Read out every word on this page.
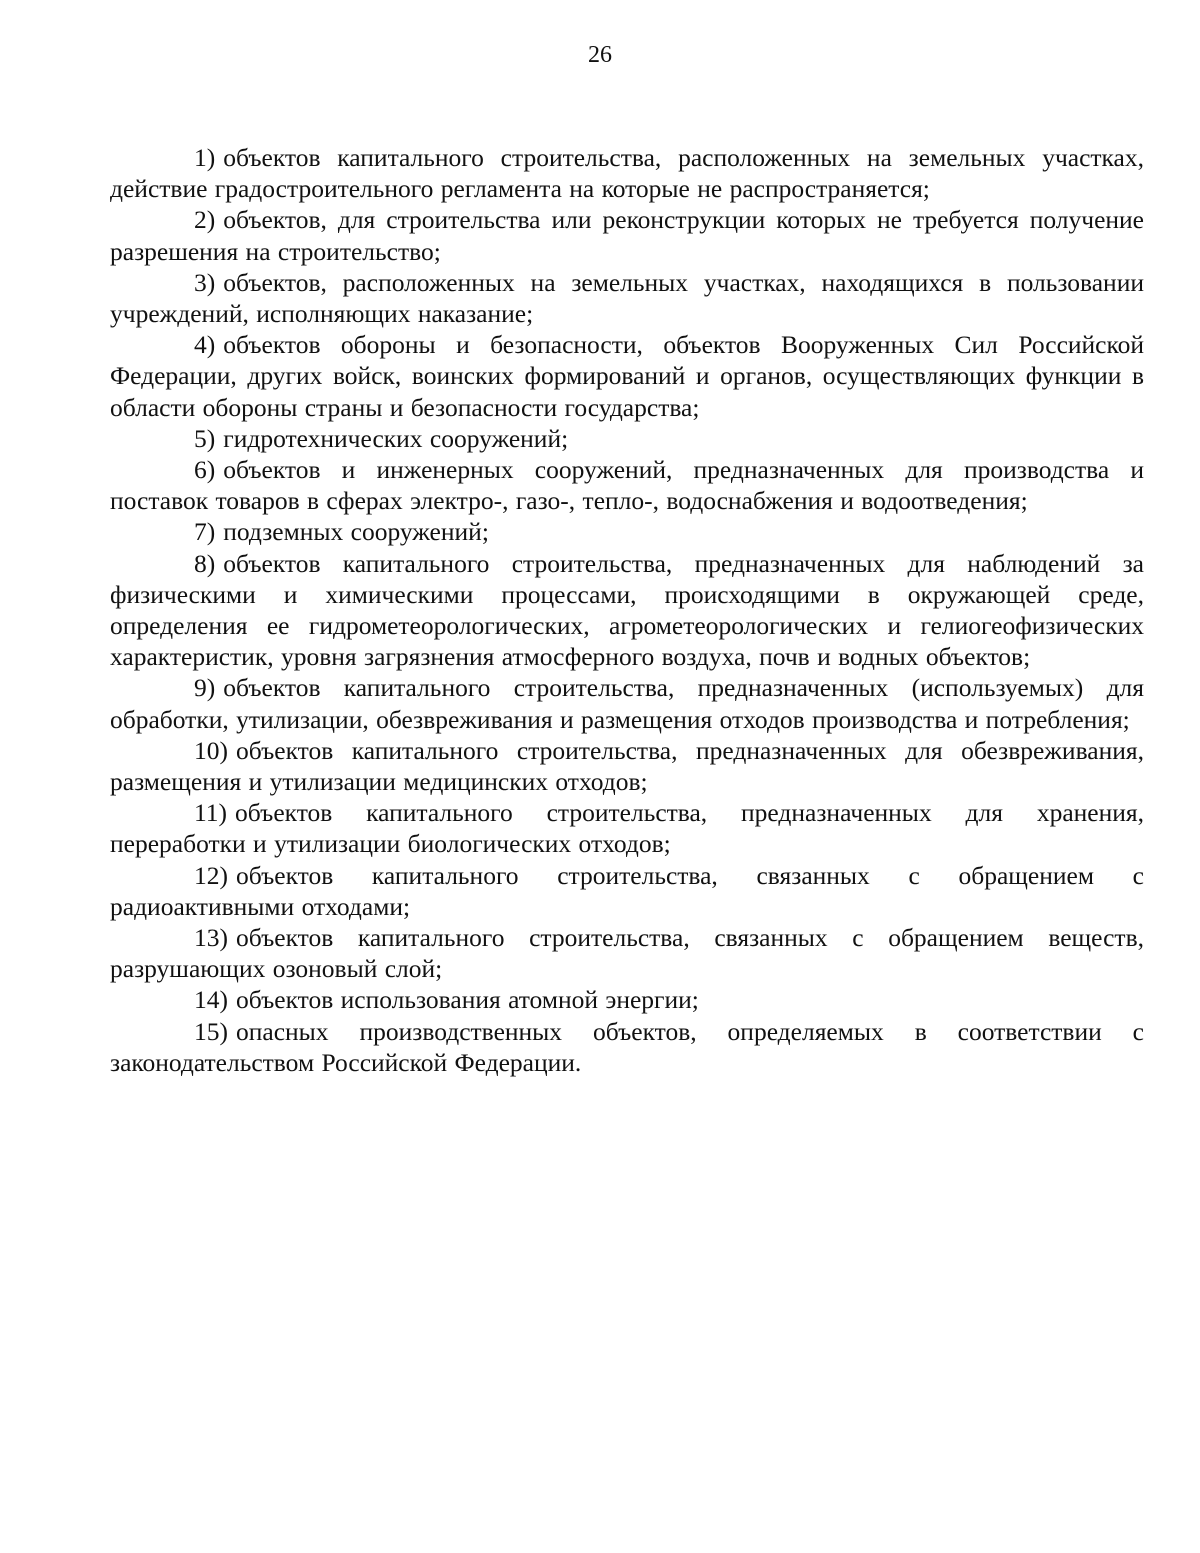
26

1) объектов капитального строительства, расположенных на земельных участках, действие градостроительного регламента на которые не распространяется;

2) объектов, для строительства или реконструкции которых не требуется получение разрешения на строительство;

3) объектов, расположенных на земельных участках, находящихся в пользовании учреждений, исполняющих наказание;

4) объектов обороны и безопасности, объектов Вооруженных Сил Российской Федерации, других войск, воинских формирований и органов, осуществляющих функции в области обороны страны и безопасности государства;

5) гидротехнических сооружений;

6) объектов и инженерных сооружений, предназначенных для производства и поставок товаров в сферах электро-, газо-, тепло-, водоснабжения и водоотведения;

7) подземных сооружений;

8) объектов капитального строительства, предназначенных для наблюдений за физическими и химическими процессами, происходящими в окружающей среде, определения ее гидрометеорологических, агрометеорологических и гелиогеофизических характеристик, уровня загрязнения атмосферного воздуха, почв и водных объектов;

9) объектов капитального строительства, предназначенных (используемых) для обработки, утилизации, обезвреживания и размещения отходов производства и потребления;

10) объектов капитального строительства, предназначенных для обезвреживания, размещения и утилизации медицинских отходов;

11) объектов капитального строительства, предназначенных для хранения, переработки и утилизации биологических отходов;

12) объектов капитального строительства, связанных с обращением с радиоактивными отходами;

13) объектов капитального строительства, связанных с обращением веществ, разрушающих озоновый слой;

14) объектов использования атомной энергии;

15) опасных производственных объектов, определяемых в соответствии с законодательством Российской Федерации.
